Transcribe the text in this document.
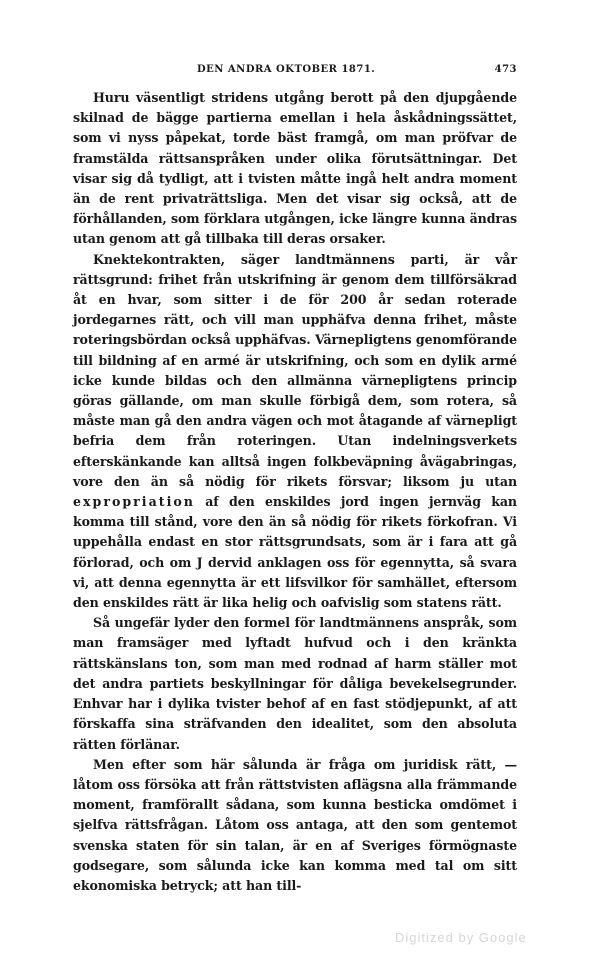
DEN ANDRA OKTOBER 1871.	473

Huru väsentligt stridens utgång berott på den djupgående skilnad de bägge partierna emellan i hela åskådningssättet, som vi nyss påpekat, torde bäst framgå, om man pröfvar de framstälda rättsanspråken under olika förutsättningar. Det visar sig då tydligt, att i tvisten måtte ingå helt andra moment än de rent privaträttsliga. Men det visar sig också, att de förhållanden, som förklara utgången, icke längre kunna ändras utan genom att gå tillbaka till deras orsaker.

Knektekontrakten, säger landtmännens parti, är vår rättsgrund: frihet från utskrifning är genom dem tillförsäkrad åt en hvar, som sitter i de för 200 år sedan roterade jordegarnes rätt, och vill man upphäfva denna frihet, måste roteringsbördan också upphäfvas. Värnepligtens genomförande till bildning af en armé är utskrifning, och som en dylik armé icke kunde bildas och den allmänna värnepligtens princip göras gällande, om man skulle förbigå dem, som rotera, så måste man gå den andra vägen och mot åtagande af värnepligt befria dem från roteringen. Utan indelningsverkets efterskänkande kan alltså ingen folkbeväpning åvägabringas, vore den än så nödig för rikets försvar; liksom ju utan expropriation af den enskildes jord ingen jernväg kan komma till stånd, vore den än så nödig för rikets förkofran. Vi uppehålla endast en stor rättsgrundsats, som är i fara att gå förlorad, och om J dervid anklagen oss för egennytta, så svara vi, att denna egennytta är ett lifsvilkor för samhället, eftersom den enskildes rätt är lika helig och oafvislig som statens rätt.

Så ungefär lyder den formel för landtmännens anspråk, som man framsäger med lyftadt hufvud och i den kränkta rättskänslans ton, som man med rodnad af harm ställer mot det andra partiets beskyllningar för dåliga bevekelsegrunder. Enhvar har i dylika tvister behof af en fast stödjepunkt, af att förskaffa sina sträfvanden den idealitet, som den absoluta rätten förlänar.

Men efter som här sålunda är fråga om juridisk rätt, — låtom oss försöka att från rättstvisten aflägsna alla främmande moment, framförallt sådana, som kunna besticka omdömet i sjelfva rättsfrågan. Låtom oss antaga, att den som gentemot svenska staten för sin talan, är en af Sveriges förmögnaste godsegare, som sålunda icke kan komma med tal om sitt ekonomiska betryck; att han till-

Digitized by Google
